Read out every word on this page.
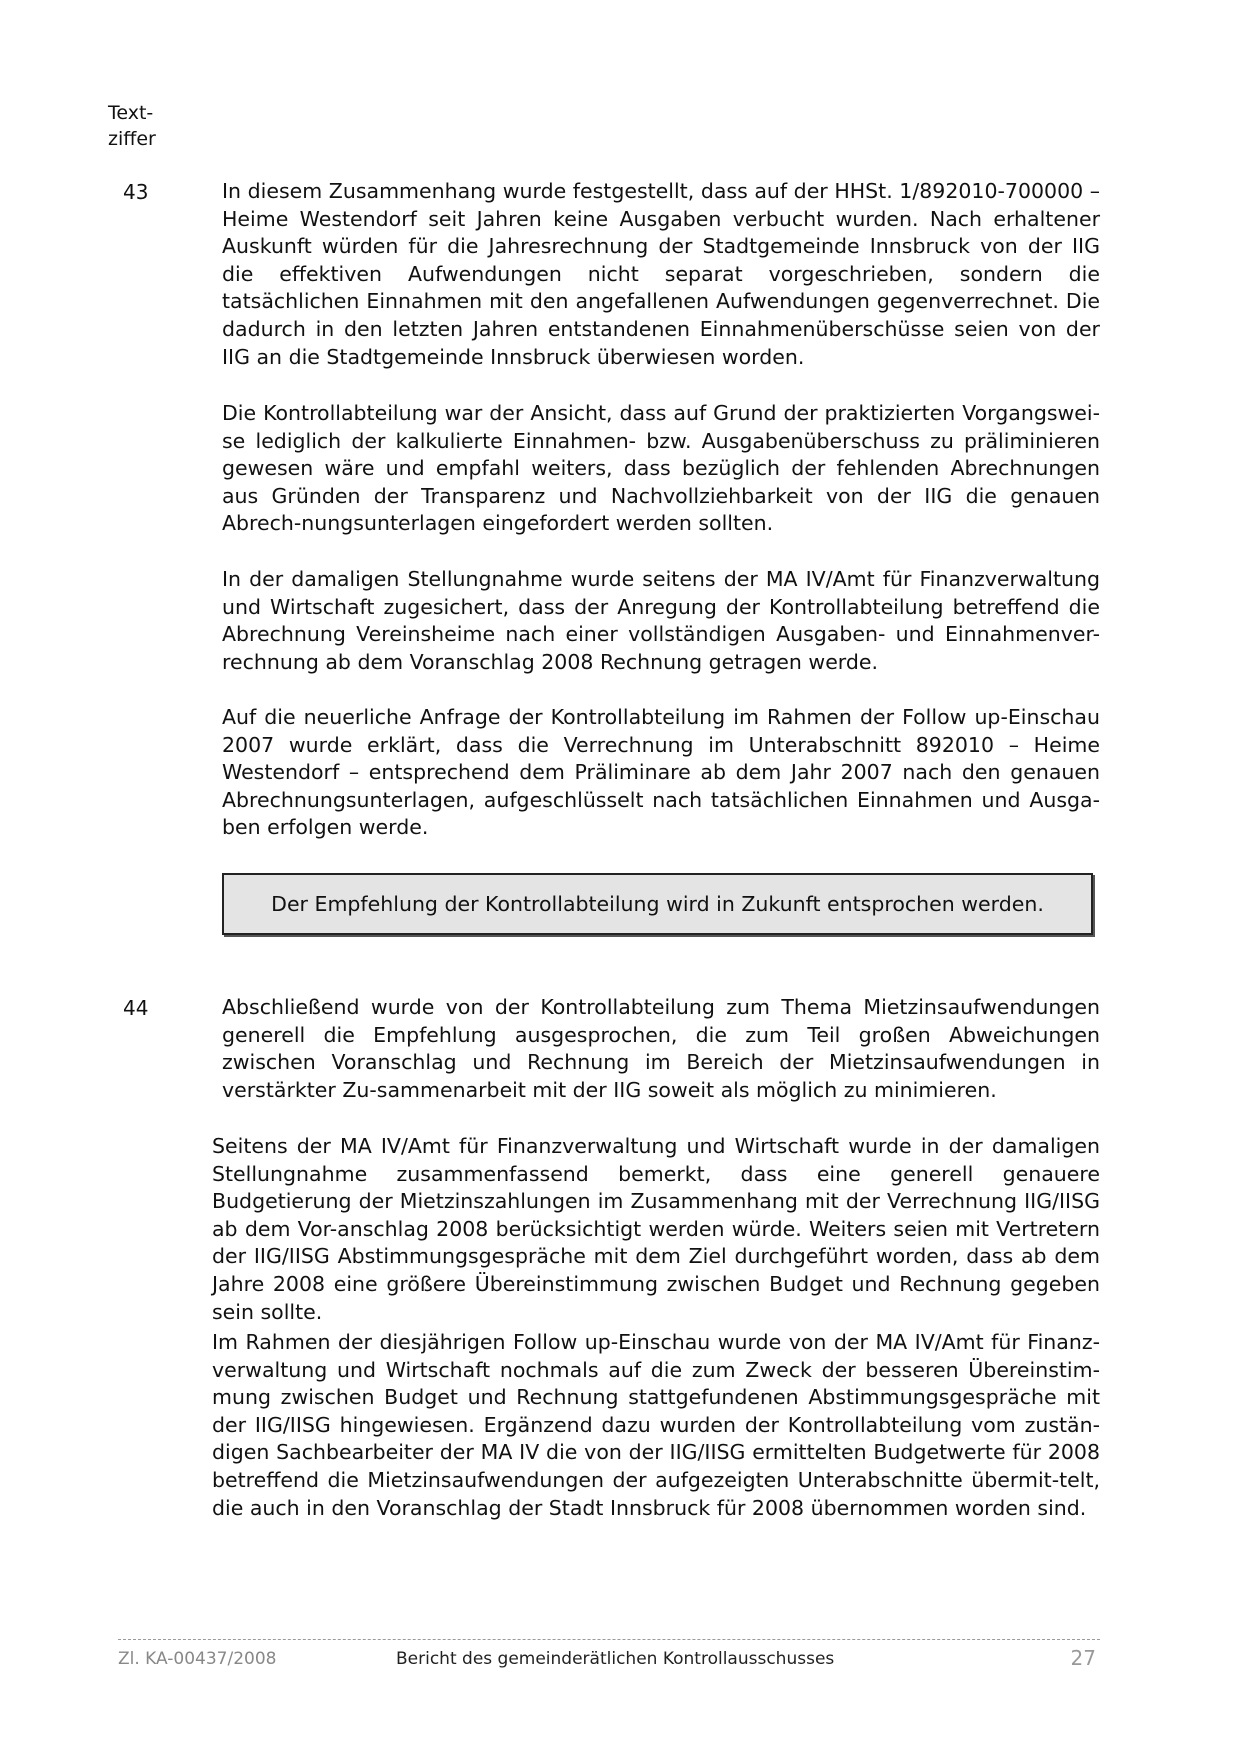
Text-
ziffer
43	In diesem Zusammenhang wurde festgestellt, dass auf der HHSt. 1/892010-700000 – Heime Westendorf seit Jahren keine Ausgaben verbucht wurden. Nach erhaltener Auskunft würden für die Jahresrechnung der Stadtgemeinde Innsbruck von der IIG die effektiven Aufwendungen nicht separat vorgeschrieben, sondern die tatsächlichen Einnahmen mit den angefallenen Aufwendungen gegenverrechnet. Die dadurch in den letzten Jahren entstandenen Einnahmenüberschüsse seien von der IIG an die Stadtgemeinde Innsbruck überwiesen worden.
Die Kontrollabteilung war der Ansicht, dass auf Grund der praktizierten Vorgangswei-se lediglich der kalkulierte Einnahmen- bzw. Ausgabenüberschuss zu präliminieren gewesen wäre und empfahl weiters, dass bezüglich der fehlenden Abrechnungen aus Gründen der Transparenz und Nachvollziehbarkeit von der IIG die genauen Abrech-nungsunterlagen eingefordert werden sollten.
In der damaligen Stellungnahme wurde seitens der MA IV/Amt für Finanzverwaltung und Wirtschaft zugesichert, dass der Anregung der Kontrollabteilung betreffend die Abrechnung Vereinsheime nach einer vollständigen Ausgaben- und Einnahmenver-rechnung ab dem Voranschlag 2008 Rechnung getragen werde.
Auf die neuerliche Anfrage der Kontrollabteilung im Rahmen der Follow up-Einschau 2007 wurde erklärt, dass die Verrechnung im Unterabschnitt 892010 – Heime Westendorf – entsprechend dem Präliminare ab dem Jahr 2007 nach den genauen Abrechnungsunterlagen, aufgeschlüsselt nach tatsächlichen Einnahmen und Ausga-ben erfolgen werde.
Der Empfehlung der Kontrollabteilung wird in Zukunft entsprochen werden.
44	Abschließend wurde von der Kontrollabteilung zum Thema Mietzinsaufwendungen generell die Empfehlung ausgesprochen, die zum Teil großen Abweichungen zwischen Voranschlag und Rechnung im Bereich der Mietzinsaufwendungen in verstärkter Zu-sammenarbeit mit der IIG soweit als möglich zu minimieren.
Seitens der MA IV/Amt für Finanzverwaltung und Wirtschaft wurde in der damaligen Stellungnahme zusammenfassend bemerkt, dass eine generell genauere Budgetierung der Mietzinszahlungen im Zusammenhang mit der Verrechnung IIG/IISG ab dem Vor-anschlag 2008 berücksichtigt werden würde. Weiters seien mit Vertretern der IIG/IISG Abstimmungsgespräche mit dem Ziel durchgeführt worden, dass ab dem Jahre 2008 eine größere Übereinstimmung zwischen Budget und Rechnung gegeben sein sollte.
Im Rahmen der diesjährigen Follow up-Einschau wurde von der MA IV/Amt für Finanz-verwaltung und Wirtschaft nochmals auf die zum Zweck der besseren Übereinstim-mung zwischen Budget und Rechnung stattgefundenen Abstimmungsgespräche mit der IIG/IISG hingewiesen. Ergänzend dazu wurden der Kontrollabteilung vom zustän-digen Sachbearbeiter der MA IV die von der IIG/IISG ermittelten Budgetwerte für 2008 betreffend die Mietzinsaufwendungen der aufgezeigten Unterabschnitte übermit-telt, die auch in den Voranschlag der Stadt Innsbruck für 2008 übernommen worden sind.
Zl. KA-00437/2008	Bericht des gemeinderätlichen Kontrollausschusses	27
